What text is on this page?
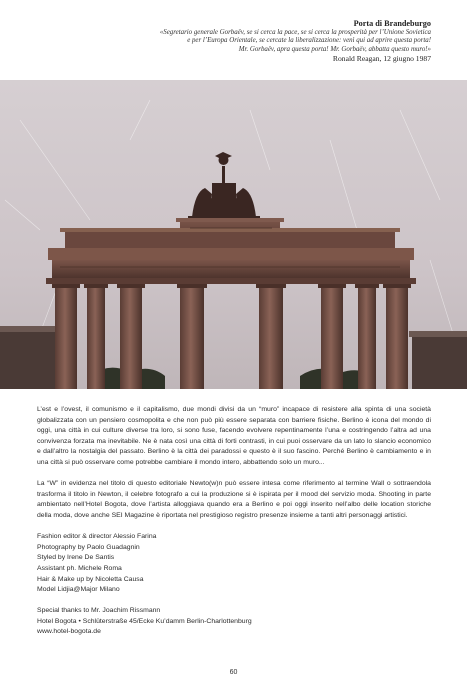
Porta di Brandeburgo
«Segretario generale Gorbaëv, se si cerca la pace, se si cerca la prosperità per l’Unione Sovietica
e per l’Europa Orientale, se cercate la liberalizzazione: venì qui ad aprire questa porta!
Mr. Gorbaëv, apra questa porta! Mr. Gorbaëv, abbatta questo muro!»
Ronald Reagan, 12 giugno 1987

L’est e l’ovest, il comunismo e il capitalismo, due mondi divisi da un “muro” incapace di resistere alla spinta di una società globalizzata con un pensiero cosmopolita e che non può più essere separata con barriere fisiche. Berlino è icona del mondo di oggi, una città in cui culture diverse tra loro, si sono fuse, facendo evolvere repentinamente l’una e costringendo l’altra ad una convivenza forzata ma inevitabile. Ne è nata così una città di forti contrasti, in cui puoi osservare da un lato lo slancio economico e dall’altro la nostalgia del passato. Berlino è la città dei paradossi e questo è il suo fascino. Perché Berlino è cambiamento e in una città si può osservare come potrebbe cambiare il mondo intero, abbattendo solo un muro...

La “W” in evidenza nel titolo di questo editoriale Newto(w)n può essere intesa come riferimento al termine Wall o sottraendola trasforma il titolo in Newton, il celebre fotografo a cui la produzione si è ispirata per il mood del servizio moda. Shooting in parte ambientato nell’Hotel Bogota, dove l’artista alloggiava quando era a Berlino e poi oggi inserito nell’albo delle location storiche della moda, dove anche SEI Magazine è riportata nel prestigioso registro presenze insieme a tanti altri personaggi artistici.

Fashion editor & director Alessio Farina
Photography by Paolo Guadagnin
Styled by Irene De Santis
Assistant ph. Michele Roma
Hair & Make up by Nicoletta Causa
Model Lidjia@Major Milano
Special thanks to Mr. Joachim Rissmann
Hotel Bogota • Schlüterstraße 45/Ecke Ku’damm Berlin-Charlottenburg
www.hotel-bogota.de
60
